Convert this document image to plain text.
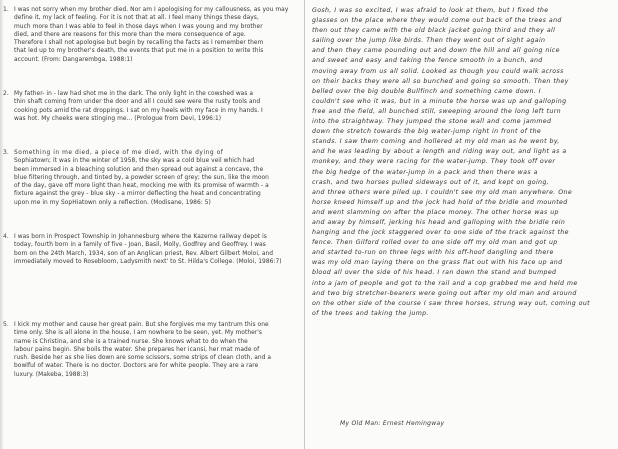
1. I was not sorry when my brother died. Nor am I apologising for my callousness, as you may
define it, my lack of feeling. For it is not that at all. I feel many things these days,
much more than I was able to feel in those days when I was young and my brother
died, and there are reasons for this more than the mere consequence of age.
Therefore I shall not apologise but begin by recalling the facts as I remember them
that led up to my brother's death, the events that put me in a position to write this
account. (From: Dangarembga, 1988:1)
2. My father- in - law had shot me in the dark. The only light in the cowshed was a
thin shaft coming from under the door and all I could see were the rusty tools and
cooking pots amid the rat droppings. I sat on my heels with my face in my hands. I
was hot. My cheeks were stinging me... (Prologue from Devi, 1996:1)
3. Something in me died, a piece of me died, with the dying of
Sophiatown; it was in the winter of 1958, the sky was a cold blue veil which had
been immersed in a bleaching solution and then spread out against a concave, the
blue filtering through, and tinted by, a powder screen of grey; the sun, like the moon
of the day, gave off more light than heat, mocking me with its promise of warmth - a
fixture against the grey - blue sky - a mirror deflecting the heat and concentrating
upon me in my SopHiatown only a reflection. (Modisane, 1986: 5)
4. I was born in Prospect Township in Johannesburg where the Kazerne railway depot is
today, fourth born in a family of five - Joan, Basil, Molly, Godfrey and Geoffrey. I was
born on the 24th March, 1934, son of an Anglican priest, Rev. Albert Gilbert Moloi, and
immediately moved to Rosebloom, Ladysmith next' to St. Hilda's College. (Moloi, 1986:7)
5. I kick my mother and cause her great pain. But she forgives me my tantrum this one
time only. She is all alone in the house, I am nowhere to be seen, yet. My mother's
name is Christina, and she is a trained nurse. She knows what to do when the
labour pains begin. She boils the water. She prepares her icansi, her mat made of
rush. Beside her as she lies down are some scissors, some strips of clean cloth, and a
bowlful of water. There is no doctor. Doctors are for white people. They are a rare
luxury. (Makeba, 1988:3)
Gosh, I was so excited, I was afraid to look at them, but I fixed the
glasses on the place where they would come out back of the trees and
then out they came with the old black jacket going third and they all
sailing over the jump like birds. Then they went out of sight again
and then they came pounding out and down the hill and all going nice
and sweet and easy and taking the fence smooth in a bunch, and
moving away from us all solid. Looked as though you could walk across
on their backs they were all so bunched and going so smooth. Then they
belled over the big double Bullfinch and something came down. I
couldn't see who it was, but in a minute the horse was up and galloping
free and the field, all bunched still, sweeping around the long left turn
into the straightway. They jumped the stone wall and come jammed
down the stretch towards the big water-jump right in front of the
stands. I saw them coming and hollered at my old man as he went by,
and he was leading by about a length and riding way out, and light as a
monkey, and they were racing for the water-jump. They took off over
the big hedge of the water-jump in a pack and then there was a
crash, and two horses pulled sideways out of it, and kept on going,
and three others were piled up. I couldn't see my old man anywhere. One
horse kneed himself up and the jock had hold of the bridle and mounted
and went slamming on after the place money. The other horse was up
and away by himself, jerking his head and galloping with the bridle rein
hanging and the jock staggered over to one side of the track against the
fence. Then Gilford rolled over to one side off my old man and got up
and started to-run on three legs with his off-hoof dangling and there
was my old man laying there on the grass flat out with his face up and
blood all over the side of his head. I ran down the stand and bumped
into a jam of people and got to the rail and a cop grabbed me and held me
and two big stretcher-bearers were going out after my old man and around
on the other side of the course I saw three horses, strung way out, coming out
of the trees and taking the jump.
My Old Man: Ernest Hemingway
